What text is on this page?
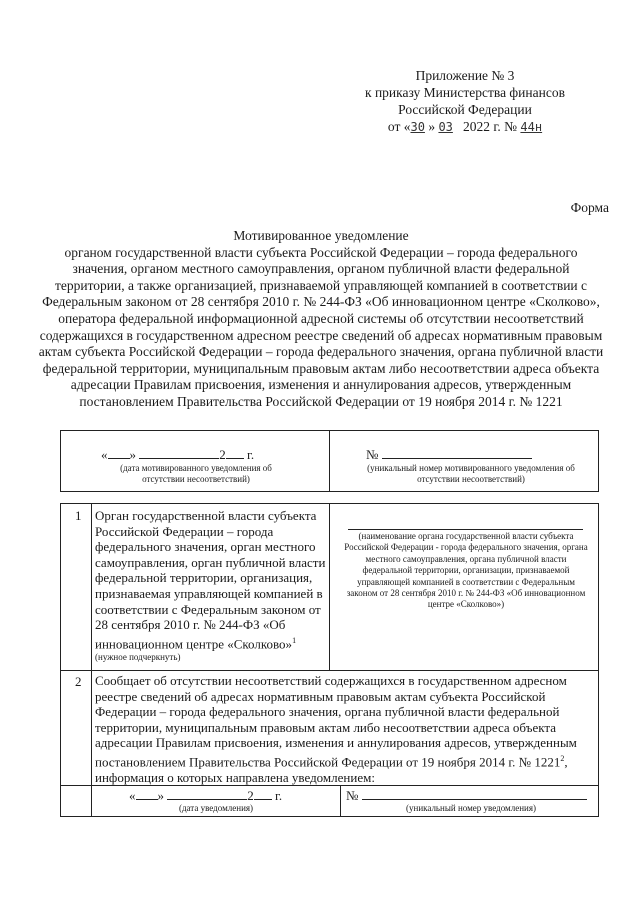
Приложение № 3
к приказу Министерства финансов
Российской Федерации
от «30 » 03 2022 г. № 44н
Форма

Мотивированное уведомление

органом государственной власти субъекта Российской Федерации – города федерального значения, органом местного самоуправления, органом публичной власти федеральной территории, а также организацией, признаваемой управляющей компанией в соответствии с Федеральным законом от 28 сентября 2010 г. № 244-ФЗ «Об инновационном центре «Сколково», оператора федеральной информационной адресной системы об отсутствии несоответствий содержащихся в государственном адресном реестре сведений об адресах нормативным правовым актам субъекта Российской Федерации – города федерального значения, органа публичной власти федеральной территории, муниципальным правовым актам либо несоответствии адреса объекта адресации Правилам присвоения, изменения и аннулирования адресов, утвержденным постановлением Правительства Российской Федерации от 19 ноября 2014 г. № 1221

« »	2 г.
(дата мотивированного уведомления об отсутствии несоответствий)
№
(уникальный номер мотивированного уведомления об отсутствии несоответствий)
1 Орган государственной власти субъекта Российской Федерации – города федерального значения, орган местного самоуправления, орган публичной власти федеральной территории, организация, признаваемая управляющей компанией в соответствии с Федеральным законом от 28 сентября 2010 г. № 244-ФЗ «Об инновационном центре «Сколково»$^1$
(нужное подчеркнуть)
(наименование органа государственной власти субъекта Российской Федерации - города федерального значения, органа местного самоуправления, органа публичной власти федеральной территории, организации, признаваемой управляющей компанией в соответствии с Федеральным законом от 28 сентября 2010 г. № 244-ФЗ «Об инновационном центре «Сколково»)
2 Сообщает об отсутствии несоответствий содержащихся в государственном адресном реестре сведений об адресах нормативным правовым актам субъекта Российской Федерации – города федерального значения, органа публичной власти федеральной территории, муниципальным правовым актам либо несоответствии адреса объекта адресации Правилам присвоения, изменения и аннулирования адресов, утвержденным постановлением Правительства Российской Федерации от 19 ноября 2014 г. № 1221$^2$, информация о которых направлена уведомлением:
« »	2 г.
(дата уведомления)
№
(уникальный номер уведомления)
